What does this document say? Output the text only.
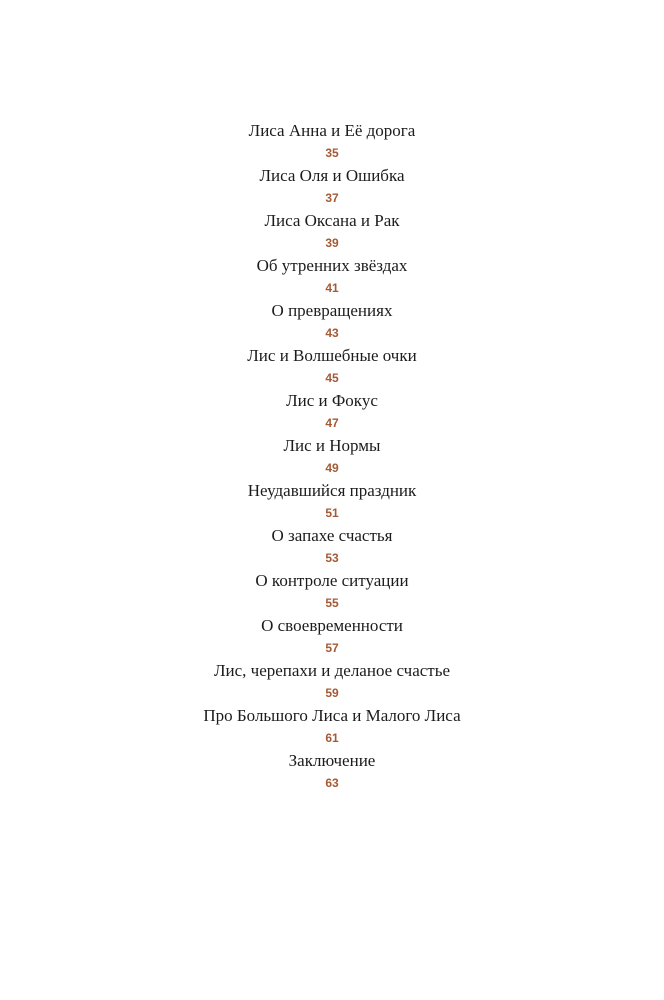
Лиса Анна и Её дорога
35
Лиса Оля и Ошибка
37
Лиса Оксана и Рак
39
Об утренних звёздах
41
О превращениях
43
Лис и Волшебные очки
45
Лис и Фокус
47
Лис и Нормы
49
Неудавшийся праздник
51
О запахе счастья
53
О контроле ситуации
55
О своевременности
57
Лис, черепахи и деланое счастье
59
Про Большого Лиса и Малого Лиса
61
Заключение
63
